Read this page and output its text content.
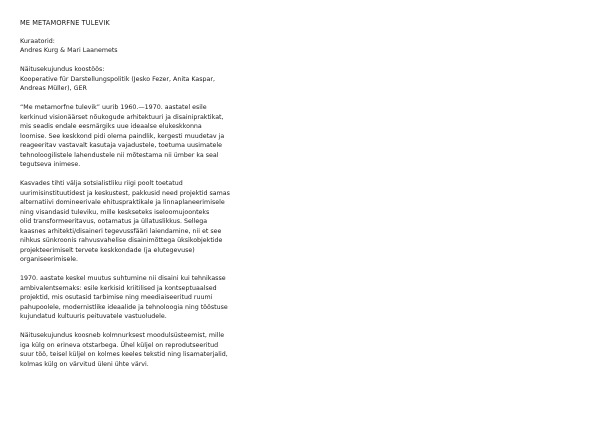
ME METAMORFNE TULEVIK
Kuraatorid:
Andres Kurg & Mari Laanemets
Näitusekujundus koostöös:
Kooperative für Darstellungspolitik (Jesko Fezer, Anita Kaspar,
Andreas Müller), GER
“Me metamorfne tulevik” uurib 1960.—1970. aastatel esile
kerkinud visionäärset nõukogude arhitektuuri ja disainipraktikat,
mis seadis endale eesmärgiks uue ideaalse elukeskkonna
loomise. See keskkond pidi olema paindlik, kergesti muudetav ja
reageeritav vastavalt kasutaja vajadustele, toetuma uusimatele
tehnoloogilistele lahendustele nii mõtestama nii ümber ka seal
tegutseva inimese.
Kasvades tihti välja sotsialistliku riigi poolt toetatud
uurimisinstituutidest ja keskustest, pakkusid need projektid samas
alternatiivi domineerivale ehituspraktikale ja linnaplaneerimisele
ning visandasid tuleviku, mille keskseteks iseloomujoonteks
olid transformeeritavus, ootamatus ja üllatuslikkus. Sellega
kaasnes arhitekti/disaineri tegevussfääri laiendamine, nii et see
nihkus sünkroonis rahvusvahelise disainimõttega üksikobjektide
projekteerimiselt tervete keskkondade (ja elutegevuse)
organiseerimisele.
1970. aastate keskel muutus suhtumine nii disaini kui tehnikasse
ambivalentsemaks: esile kerkisid kriitilised ja kontseptuaalsed
projektid, mis osutasid tarbimise ning meediaiseeritud ruumi
pahupoolele, modernistlike ideaalide ja tehnoloogia ning tööstuse
kujundatud kultuuris peituvatele vastuoludele.
Näitusekujundus koosneb kolmnurksest moodulsüsteemist, mille
iga külg on erineva otstarbega. Ühel küljel on reprodutseeritud
suur töö, teisel küljel on kolmes keeles tekstid ning lisamaterjalid,
kolmas külg on värvitud üleni ühte värvi.
